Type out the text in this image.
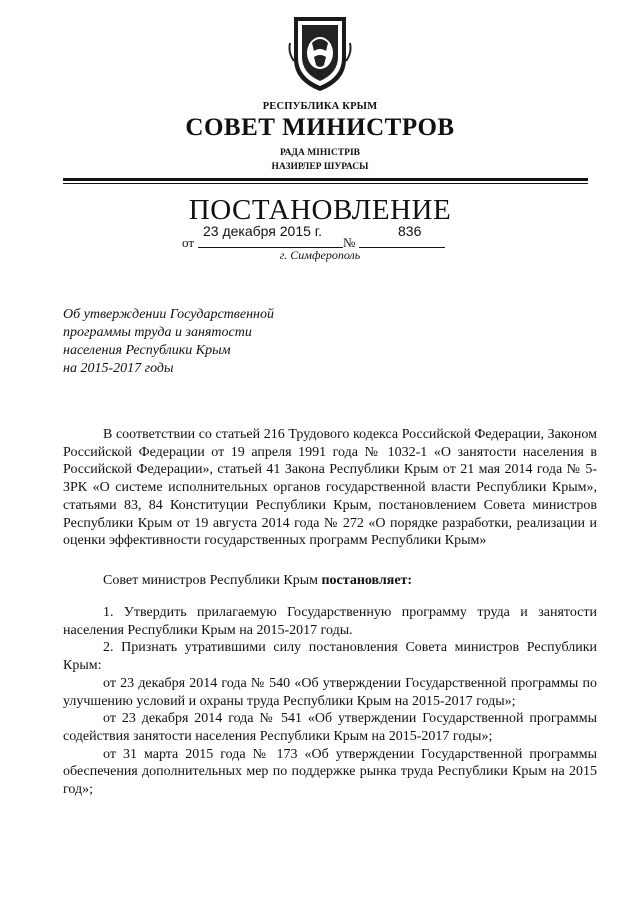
РЕСПУБЛИКА КРЫМ
СОВЕТ МИНИСТРОВ
РАДА МІНІСТРІВ
НАЗИРЛЕР ШУРАСЫ
ПОСТАНОВЛЕНИЕ
от
23 декабря 2015 г.
№
836
г. Симферополь
Об утверждении Государственной
программы труда и занятости
населения Республики Крым
на 2015-2017 годы

В соответствии со статьей 216 Трудового кодекса Российской Федерации, Законом Российской Федерации от 19 апреля 1991 года № 1032-1 «О занятости населения в Российской Федерации», статьей 41 Закона Республики Крым от 21 мая 2014 года № 5-ЗРК «О системе исполнительных органов государственной власти Республики Крым», статьями 83, 84 Конституции Республики Крым, постановлением Совета министров Республики Крым от 19 августа 2014 года № 272 «О порядке разработки, реализации и оценки эффективности государственных программ Республики Крым»

Совет министров Республики Крым постановляет:

1. Утвердить прилагаемую Государственную программу труда и занятости населения Республики Крым на 2015-2017 годы.

2. Признать утратившими силу постановления Совета министров Республики Крым:

от 23 декабря 2014 года № 540 «Об утверждении Государственной программы по улучшению условий и охраны труда Республики Крым на 2015-2017 годы»;

от 23 декабря 2014 года № 541 «Об утверждении Государственной программы содействия занятости населения Республики Крым на 2015-2017 годы»;

от 31 марта 2015 года № 173 «Об утверждении Государственной программы обеспечения дополнительных мер по поддержке рынка труда Республики Крым на 2015 год»;
